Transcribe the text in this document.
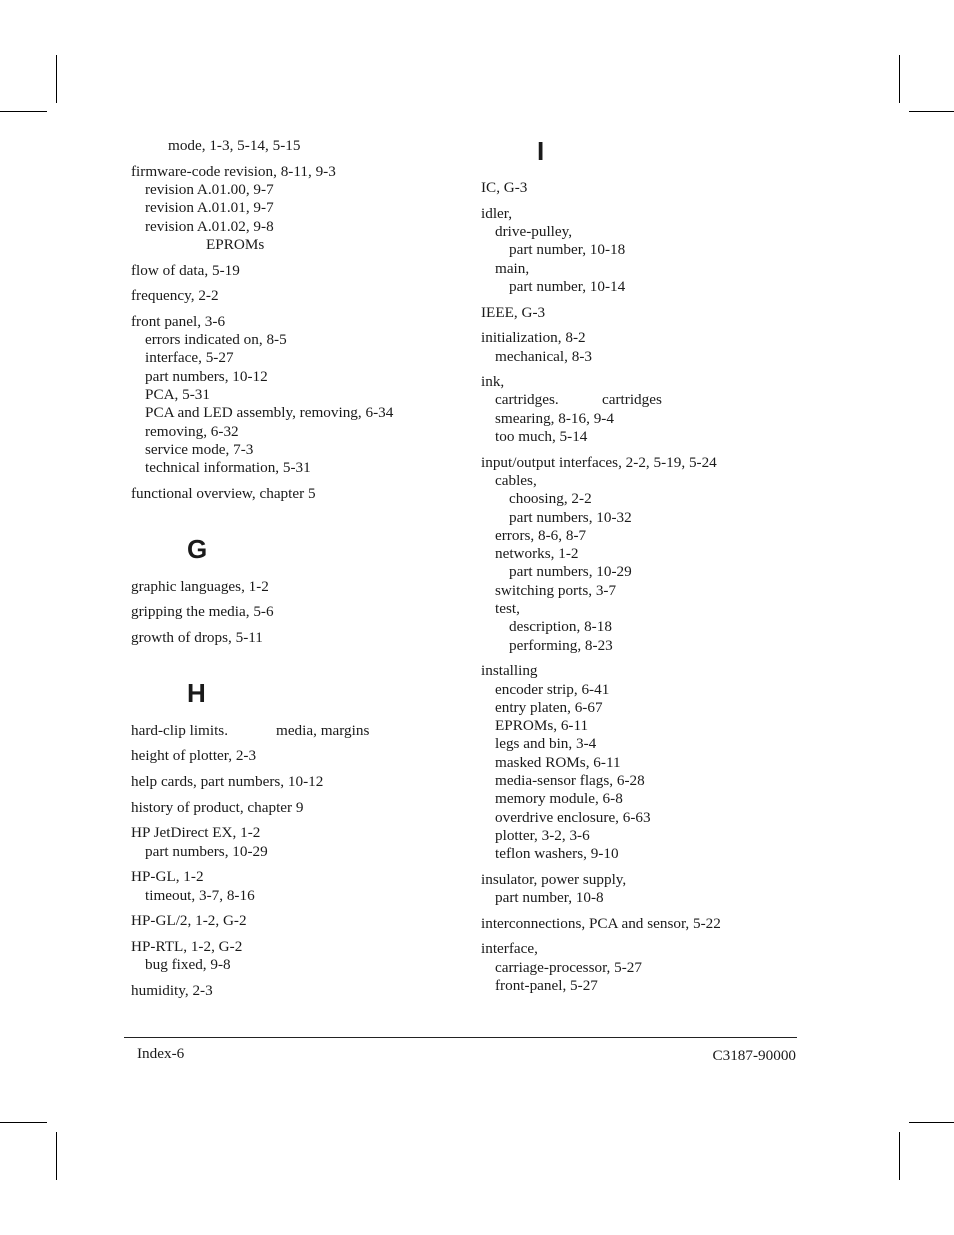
mode, 1-3, 5-14, 5-15
firmware-code revision, 8-11, 9-3
revision A.01.00, 9-7
revision A.01.01, 9-7
revision A.01.02, 9-8
EPROMs
flow of data, 5-19
frequency, 2-2
front panel, 3-6
errors indicated on, 8-5
interface, 5-27
part numbers, 10-12
PCA, 5-31
PCA and LED assembly, removing, 6-34
removing, 6-32
service mode, 7-3
technical information, 5-31
functional overview, chapter 5
G
graphic languages, 1-2
gripping the media, 5-6
growth of drops, 5-11
H
hard-clip limits.	media, margins
height of plotter, 2-3
help cards, part numbers, 10-12
history of product, chapter 9
HP JetDirect EX, 1-2
part numbers, 10-29
HP-GL, 1-2
timeout, 3-7, 8-16
HP-GL/2, 1-2, G-2
HP-RTL, 1-2, G-2
bug fixed, 9-8
humidity, 2-3
I
IC, G-3
idler,
drive-pulley,
part number, 10-18
main,
part number, 10-14
IEEE, G-3
initialization, 8-2
mechanical, 8-3
ink,
cartridges.	cartridges
smearing, 8-16, 9-4
too much, 5-14
input/output interfaces, 2-2, 5-19, 5-24
cables,
choosing, 2-2
part numbers, 10-32
errors, 8-6, 8-7
networks, 1-2
part numbers, 10-29
switching ports, 3-7
test,
description, 8-18
performing, 8-23
installing
encoder strip, 6-41
entry platen, 6-67
EPROMs, 6-11
legs and bin, 3-4
masked ROMs, 6-11
media-sensor flags, 6-28
memory module, 6-8
overdrive enclosure, 6-63
plotter, 3-2, 3-6
teflon washers, 9-10
insulator, power supply,
part number, 10-8
interconnections, PCA and sensor, 5-22
interface,
carriage-processor, 5-27
front-panel, 5-27
Index-6	C3187-90000
